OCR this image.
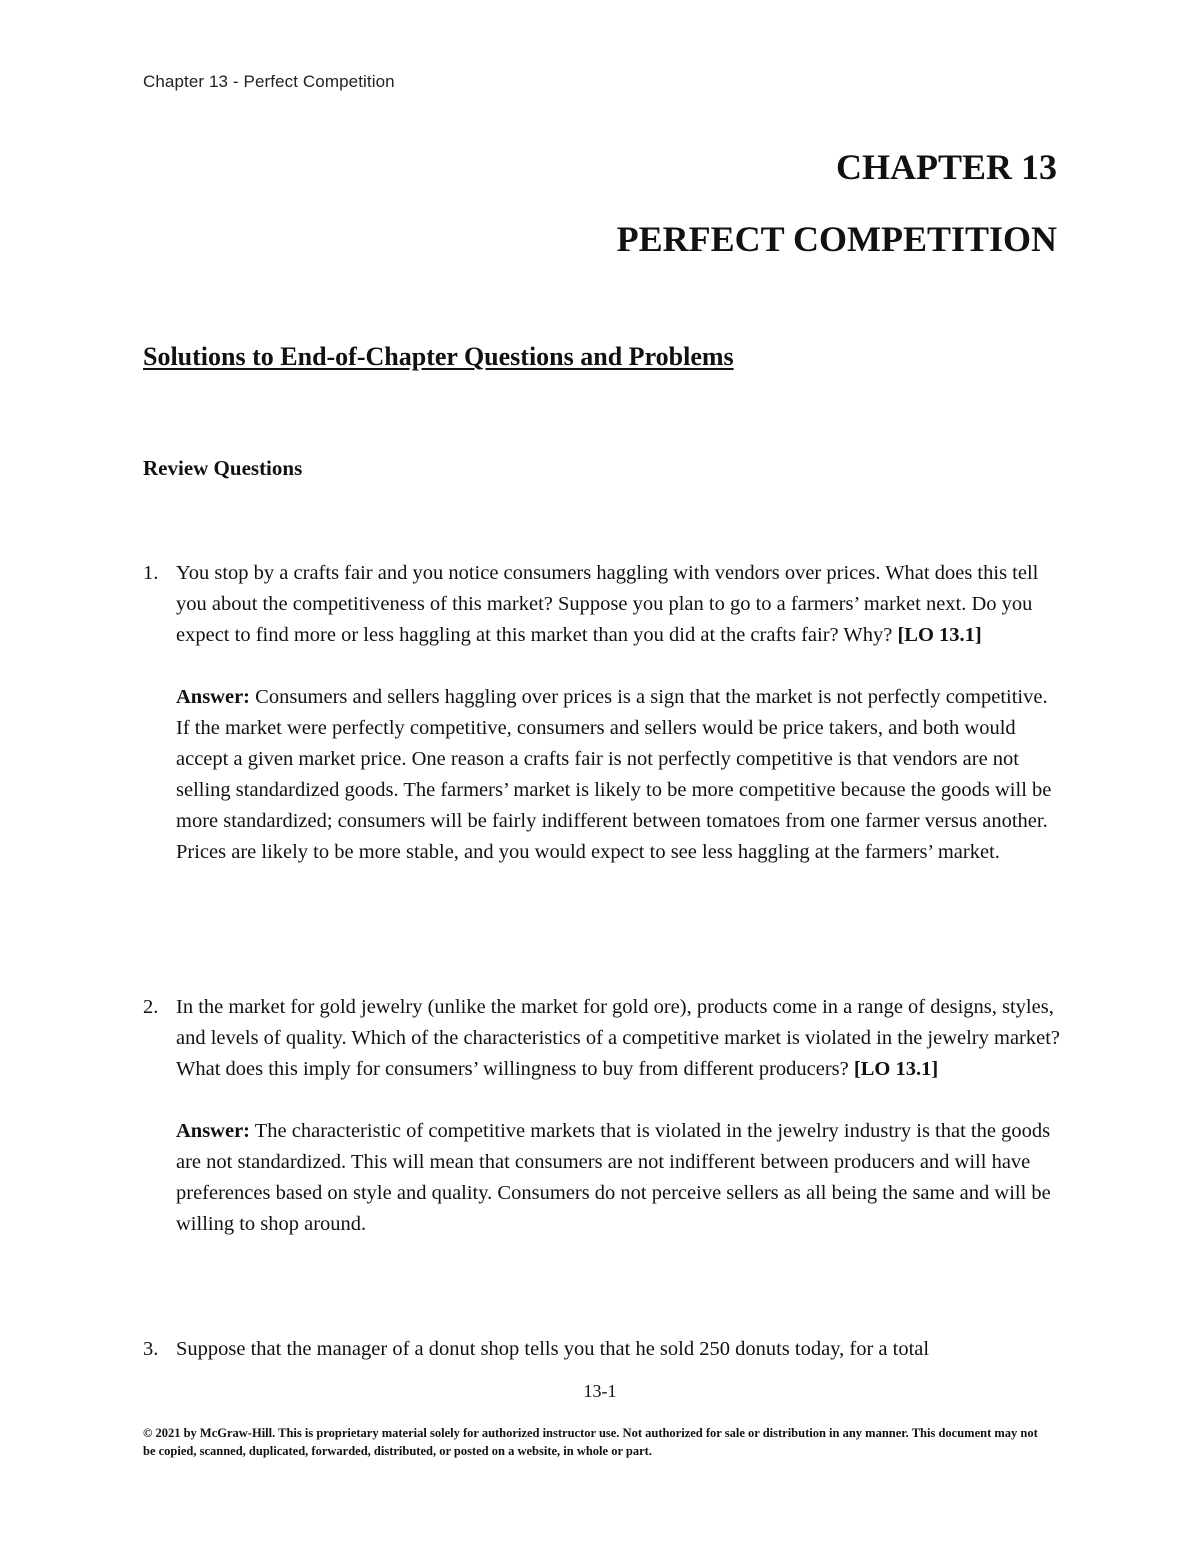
Chapter 13 - Perfect Competition
CHAPTER 13
PERFECT COMPETITION
Solutions to End-of-Chapter Questions and Problems
Review Questions
1. You stop by a crafts fair and you notice consumers haggling with vendors over prices. What does this tell you about the competitiveness of this market? Suppose you plan to go to a farmers’ market next. Do you expect to find more or less haggling at this market than you did at the crafts fair? Why? [LO 13.1]
Answer: Consumers and sellers haggling over prices is a sign that the market is not perfectly competitive. If the market were perfectly competitive, consumers and sellers would be price takers, and both would accept a given market price. One reason a crafts fair is not perfectly competitive is that vendors are not selling standardized goods. The farmers’ market is likely to be more competitive because the goods will be more standardized; consumers will be fairly indifferent between tomatoes from one farmer versus another. Prices are likely to be more stable, and you would expect to see less haggling at the farmers’ market.
2. In the market for gold jewelry (unlike the market for gold ore), products come in a range of designs, styles, and levels of quality. Which of the characteristics of a competitive market is violated in the jewelry market? What does this imply for consumers’ willingness to buy from different producers? [LO 13.1]
Answer: The characteristic of competitive markets that is violated in the jewelry industry is that the goods are not standardized. This will mean that consumers are not indifferent between producers and will have preferences based on style and quality. Consumers do not perceive sellers as all being the same and will be willing to shop around.
3. Suppose that the manager of a donut shop tells you that he sold 250 donuts today, for a total
13-1
© 2021 by McGraw-Hill. This is proprietary material solely for authorized instructor use. Not authorized for sale or distribution in any manner. This document may not be copied, scanned, duplicated, forwarded, distributed, or posted on a website, in whole or part.
